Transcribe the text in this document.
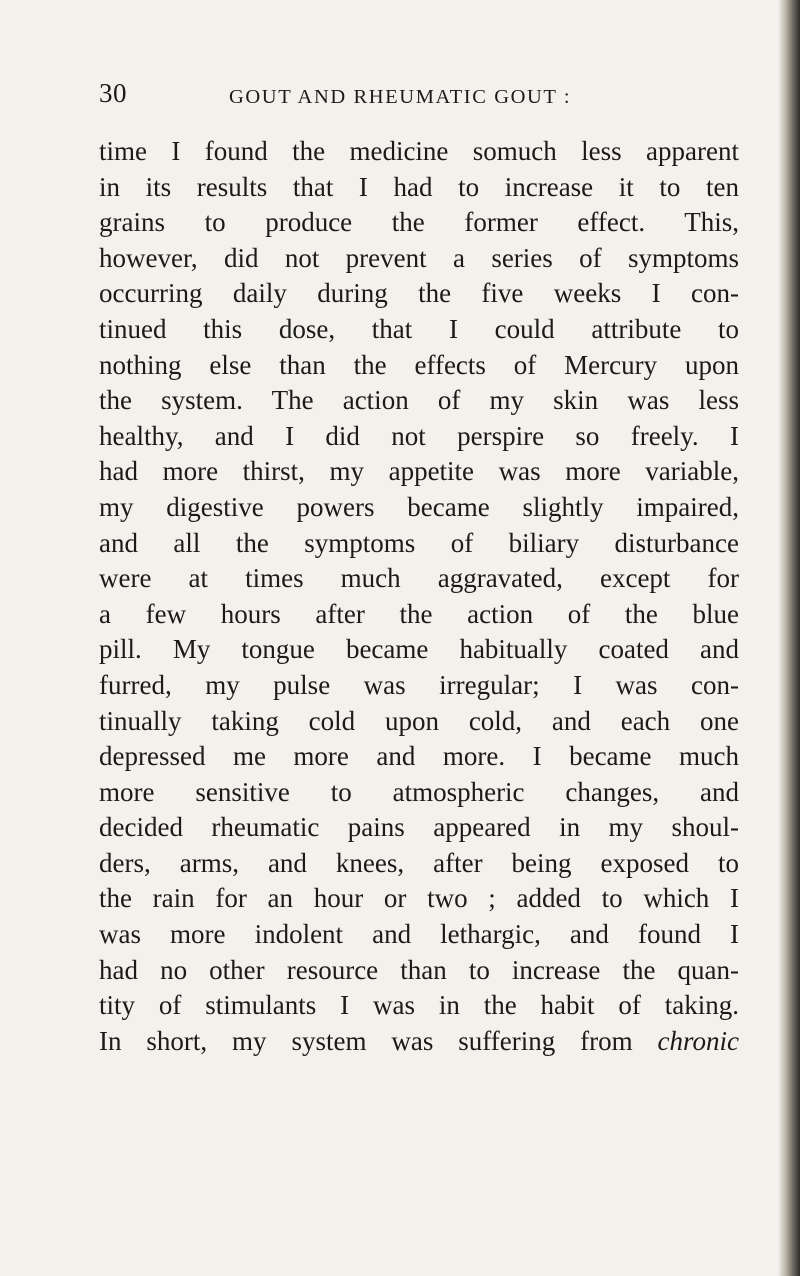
30	GOUT AND RHEUMATIC GOUT :
time I found the medicine somuch less apparent
in its results that I had to increase it to ten
grains to produce the former effect. This,
however, did not prevent a series of symptoms
occurring daily during the five weeks I con-
tinued this dose, that I could attribute to
nothing else than the effects of Mercury upon
the system. The action of my skin was less
healthy, and I did not perspire so freely. I
had more thirst, my appetite was more variable,
my digestive powers became slightly impaired,
and all the symptoms of biliary disturbance
were at times much aggravated, except for
a few hours after the action of the blue
pill. My tongue became habitually coated and
furred, my pulse was irregular; I was con-
tinually taking cold upon cold, and each one
depressed me more and more. I became much
more sensitive to atmospheric changes, and
decided rheumatic pains appeared in my shoul-
ders, arms, and knees, after being exposed to
the rain for an hour or two ; added to which I
was more indolent and lethargic, and found I
had no other resource than to increase the quan-
tity of stimulants I was in the habit of taking.
In short, my system was suffering from chronic
